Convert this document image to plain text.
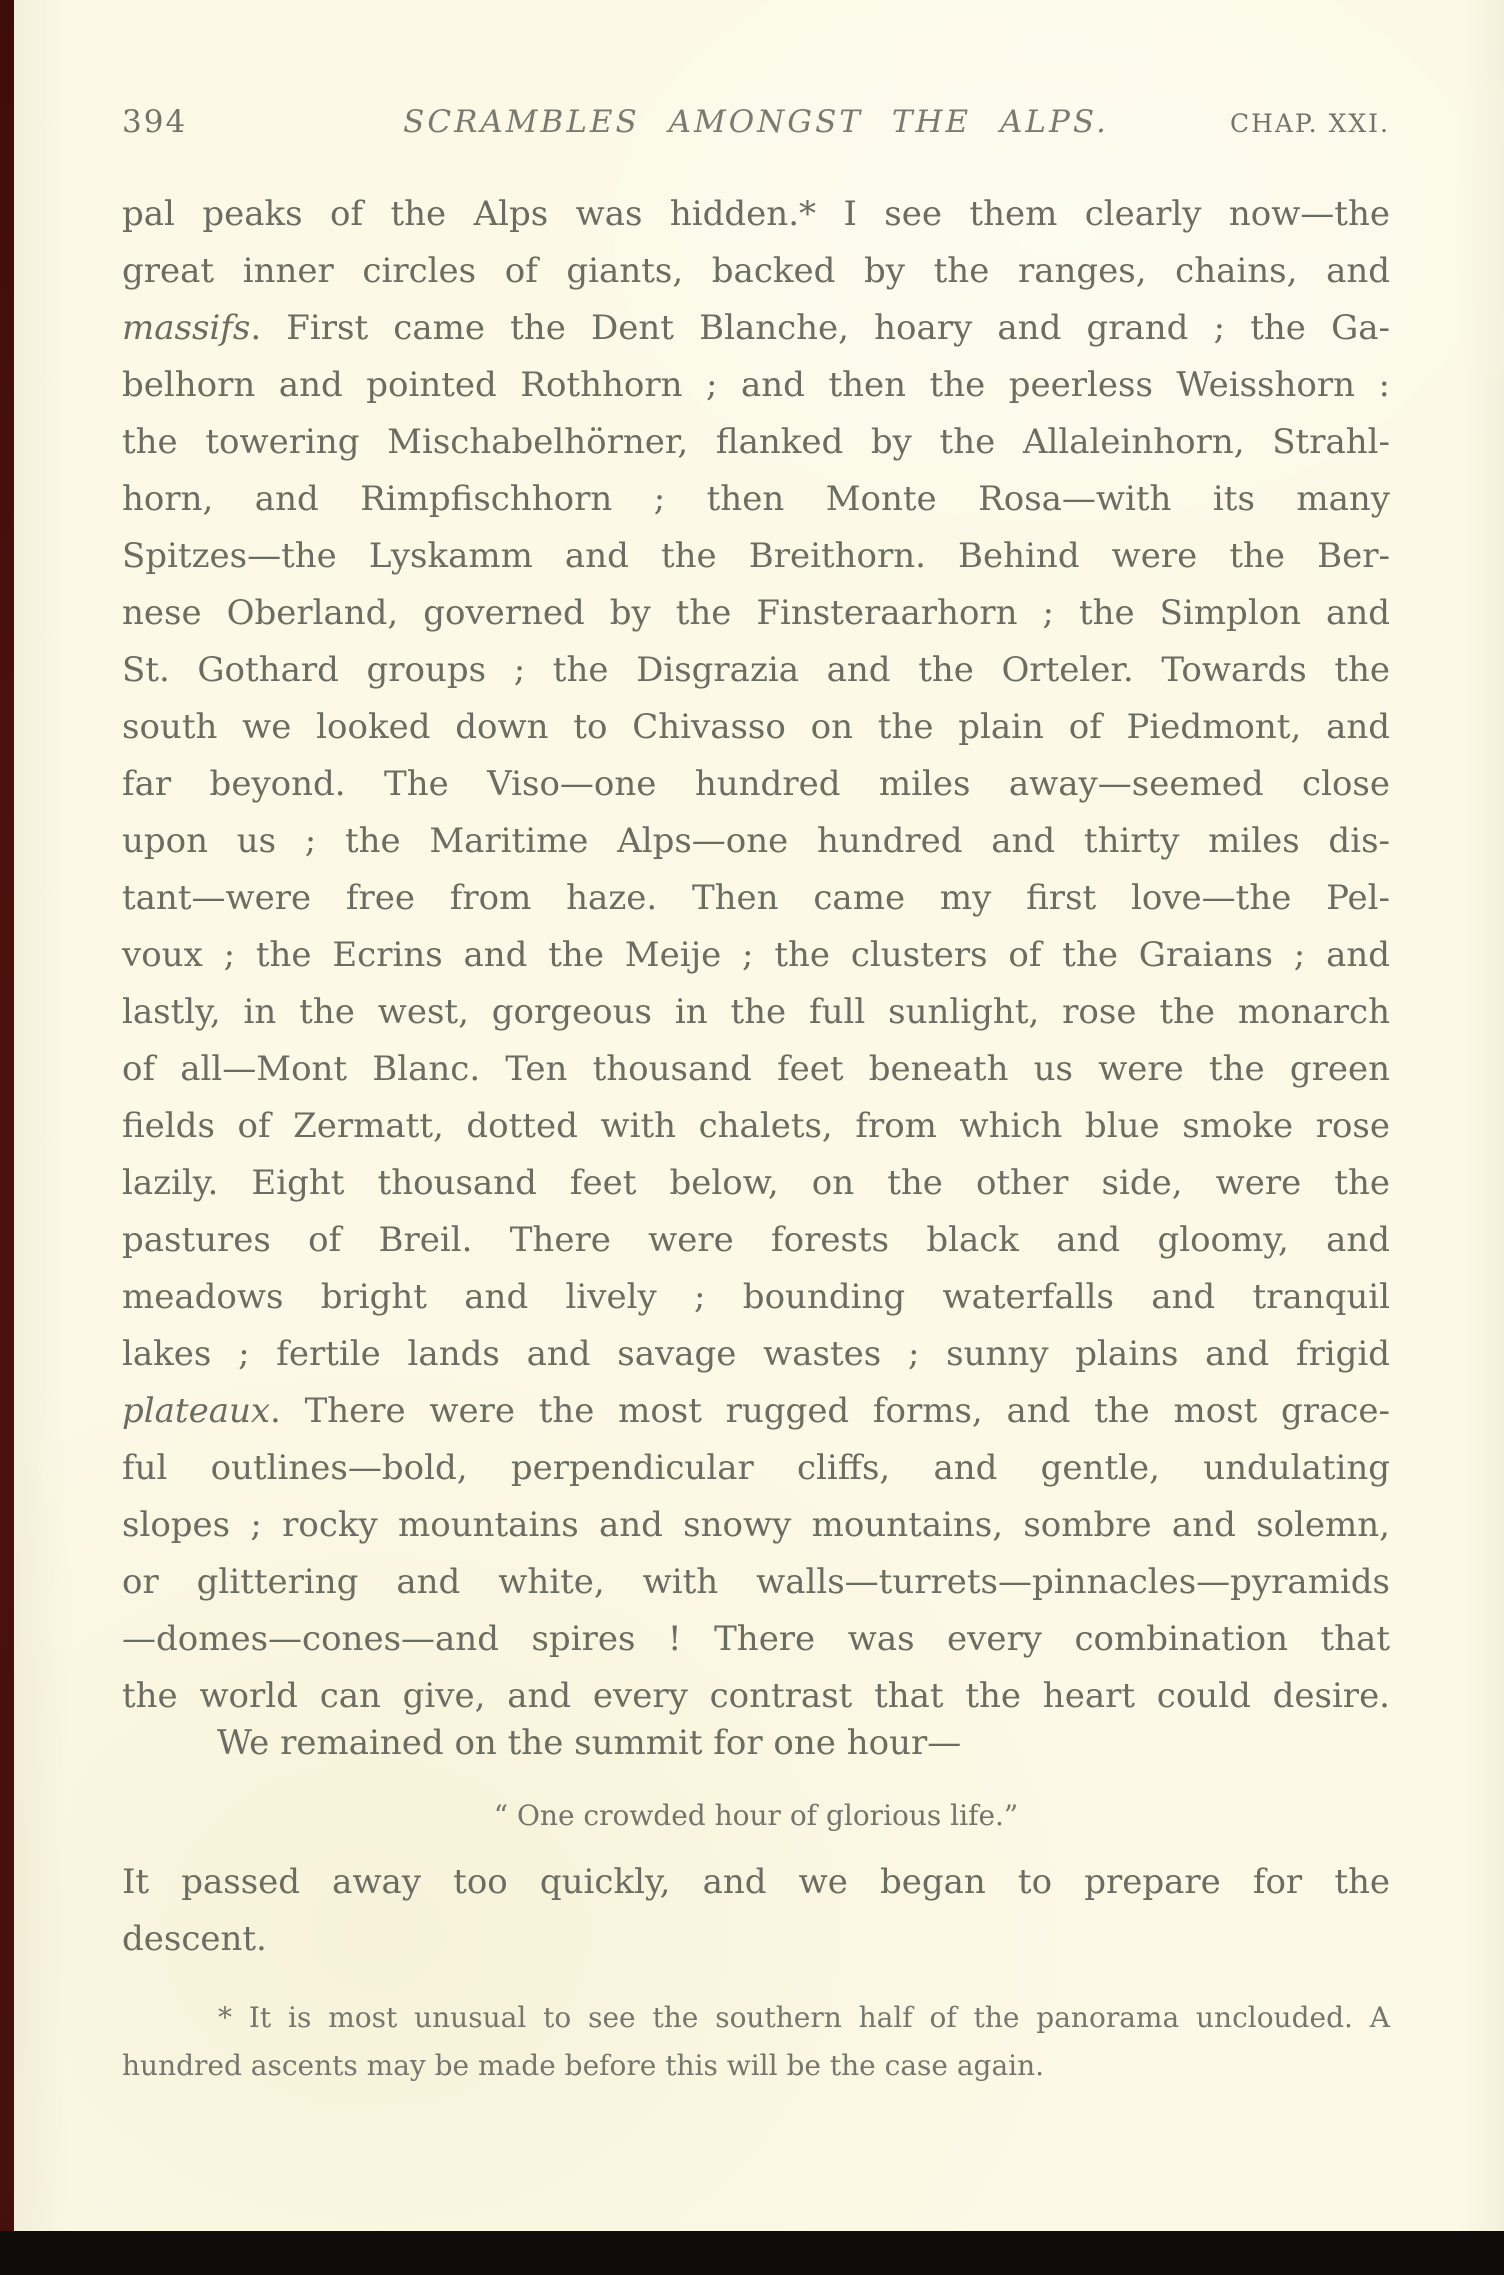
394	SCRAMBLES AMONGST THE ALPS.	CHAP. XXI.
pal peaks of the Alps was hidden.* I see them clearly now—the
great inner circles of giants, backed by the ranges, chains, and
massifs. First came the Dent Blanche, hoary and grand ; the Ga-
belhorn and pointed Rothhorn ; and then the peerless Weisshorn :
the towering Mischabelhörner, flanked by the Allaleinhorn, Strahl-
horn, and Rimpfischhorn ; then Monte Rosa—with its many
Spitzes—the Lyskamm and the Breithorn. Behind were the Ber-
nese Oberland, governed by the Finsteraarhorn ; the Simplon and
St. Gothard groups ; the Disgrazia and the Orteler. Towards the
south we looked down to Chivasso on the plain of Piedmont, and
far beyond. The Viso—one hundred miles away—seemed close
upon us ; the Maritime Alps—one hundred and thirty miles dis-
tant—were free from haze. Then came my first love—the Pel-
voux ; the Ecrins and the Meije ; the clusters of the Graians ; and
lastly, in the west, gorgeous in the full sunlight, rose the monarch
of all—Mont Blanc. Ten thousand feet beneath us were the green
fields of Zermatt, dotted with chalets, from which blue smoke rose
lazily. Eight thousand feet below, on the other side, were the
pastures of Breil. There were forests black and gloomy, and
meadows bright and lively ; bounding waterfalls and tranquil
lakes ; fertile lands and savage wastes ; sunny plains and frigid
plateaux. There were the most rugged forms, and the most grace-
ful outlines—bold, perpendicular cliffs, and gentle, undulating
slopes ; rocky mountains and snowy mountains, sombre and solemn,
or glittering and white, with walls—turrets—pinnacles—pyramids
—domes—cones—and spires ! There was every combination that
the world can give, and every contrast that the heart could desire.
We remained on the summit for one hour—
“ One crowded hour of glorious life.”
It passed away too quickly, and we began to prepare for the
descent.
* It is most unusual to see the southern half of the panorama unclouded. A
hundred ascents may be made before this will be the case again.
